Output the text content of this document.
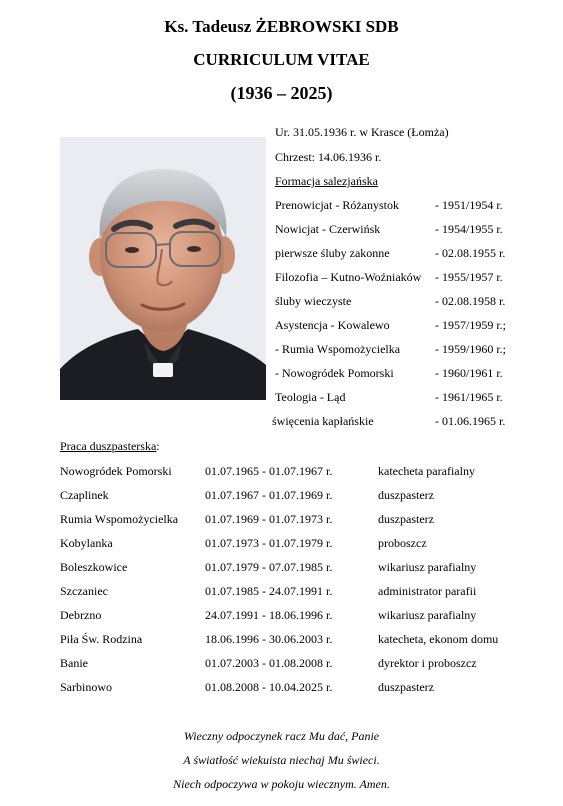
Ks. Tadeusz ŻEBROWSKI SDB
CURRICULUM VITAE
(1936 – 2025)
Ur. 31.05.1936 r. w Krasce (Łomża)
Chrzest: 14.06.1936 r.
Formacja salezjańska
Prenowicjat - Różanystok	- 1951/1954 r.
Nowicjat - Czerwińsk	- 1954/1955 r.
pierwsze śluby zakonne	- 02.08.1955 r.
Filozofia – Kutno-Woźniaków - 1955/1957 r.
śluby wieczyste	- 02.08.1958 r.
Asystencja - Kowalewo	- 1957/1959 r.;
- Rumia Wspomożycielka	- 1959/1960 r.;
- Nowogródek Pomorski	- 1960/1961 r.
Teologia - Ląd	- 1961/1965 r.
święcenia kapłańskie	- 01.06.1965 r.
Praca duszpasterska:
Nowogródek Pomorski	01.07.1965 - 01.07.1967 r.	katecheta parafialny
Czaplinek	01.07.1967 - 01.07.1969 r.	duszpasterz
Rumia Wspomożycielka 01.07.1969 - 01.07.1973 r.	duszpasterz
Kobylanka	01.07.1973 - 01.07.1979 r.	proboszcz
Boleszkowice	01.07.1979 - 07.07.1985 r.	wikariusz parafialny
Szczaniec	01.07.1985 - 24.07.1991 r.	administrator parafii
Debrzno	24.07.1991 - 18.06.1996 r.	wikariusz parafialny
Piła Św. Rodzina	18.06.1996 - 30.06.2003 r.	katecheta, ekonom domu
Banie	01.07.2003 - 01.08.2008 r.	dyrektor i proboszcz
Sarbinowo	01.08.2008 - 10.04.2025 r.	duszpasterz
Wieczny odpoczynek racz Mu dać, Panie
A światłość wiekuista niechaj Mu świeci.
Niech odpoczywa w pokoju wiecznym. Amen.
